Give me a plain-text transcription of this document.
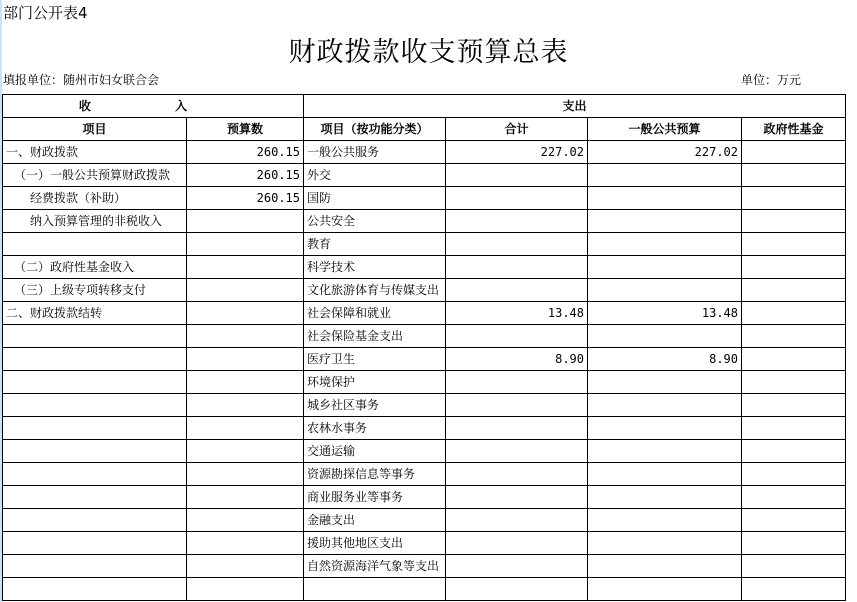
部门公开表4
财政拨款收支预算总表
填报单位：随州市妇女联合会	单位：万元
收 入		支出			
项目	预算数	项目（按功能分类）	合计	一般公共预算	政府性基金
一、财政拨款	260.15	一般公共服务	227.02	227.02	
（一）一般公共预算财政拨款	260.15	外交			
经费拨款（补助）	260.15	国防			
纳入预算管理的非税收入		公共安全			
		教育			
（二）政府性基金收入		科学技术			
（三）上级专项转移支付		文化旅游体育与传媒支出			
二、财政拨款结转		社会保障和就业	13.48	13.48	
		社会保险基金支出			
		医疗卫生	8.90	8.90	
		环境保护			
		城乡社区事务			
		农林水事务			
		交通运输			
		资源勘探信息等事务			
		商业服务业等事务			
		金融支出			
		援助其他地区支出			
		自然资源海洋气象等支出			
